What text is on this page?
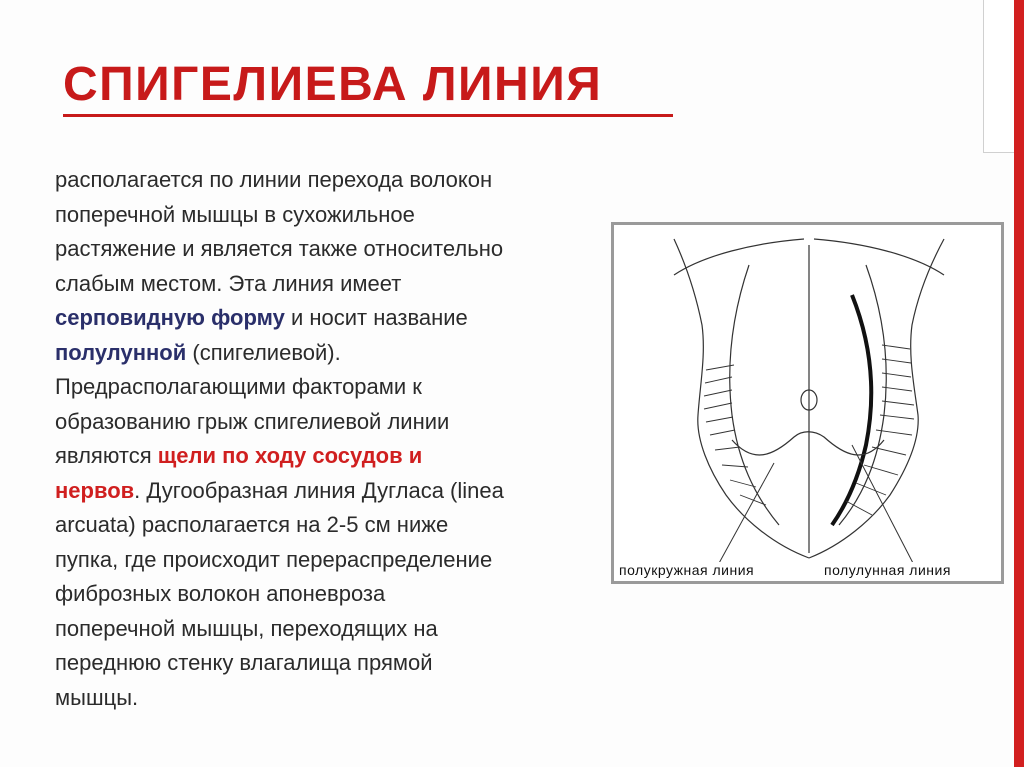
СПИГЕЛИЕВА ЛИНИЯ
располагается по линии перехода волокон
поперечной мышцы в сухожильное
растяжение и является также относительно
слабым местом. Эта линия имеет
серповидную форму и носит название
полулунной (спигелиевой).
Предрасполагающими факторами к
образованию грыж спигелиевой линии
являются щели по ходу сосудов и
нервов. Дугообразная линия Дугласа (linea
arcuata) располагается на 2-5 см ниже
пупка, где происходит перераспределение
фиброзных волокон апоневроза
поперечной мышцы, переходящих на
переднюю стенку влагалища прямой
мышцы.
полукружная линия	полулунная линия
